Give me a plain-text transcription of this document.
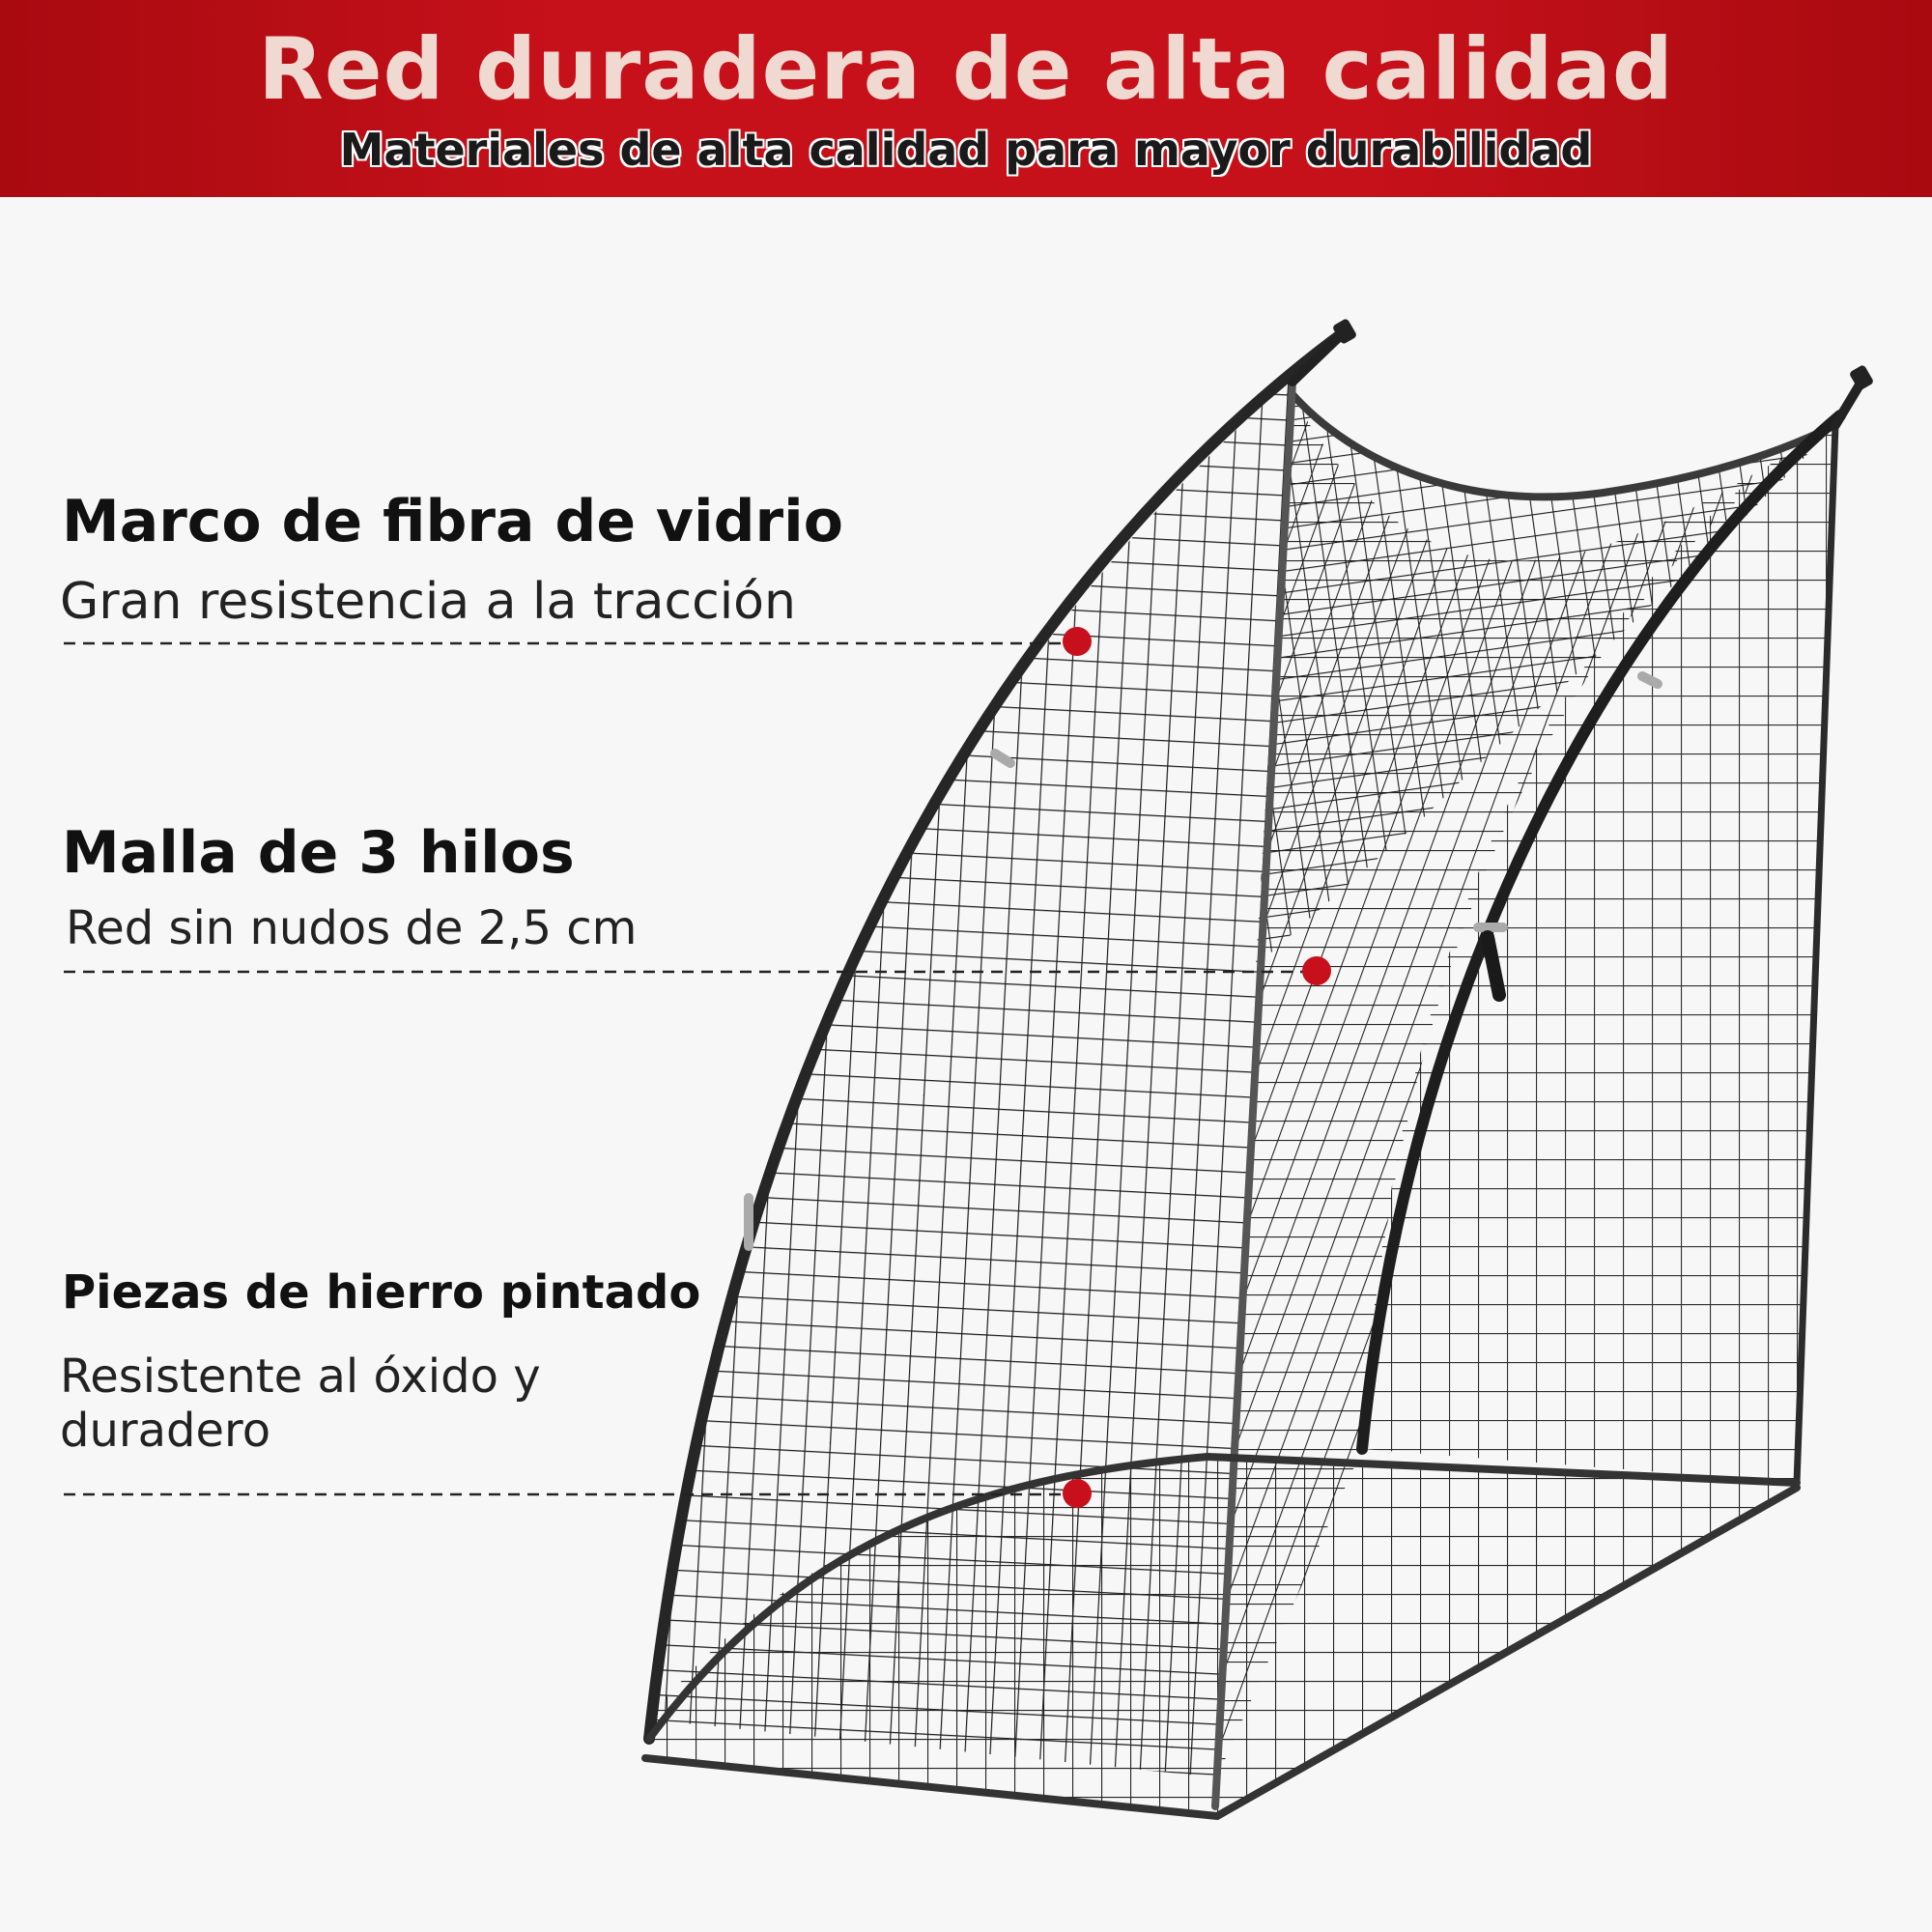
Red duradera de alta calidad
Materiales de alta calidad para mayor durabilidad
Marco de fibra de vidrio
Gran resistencia a la tracción
Malla de 3 hilos
Red sin nudos de 2,5 cm
Piezas de hierro pintado
Resistente al óxido y
duradero
